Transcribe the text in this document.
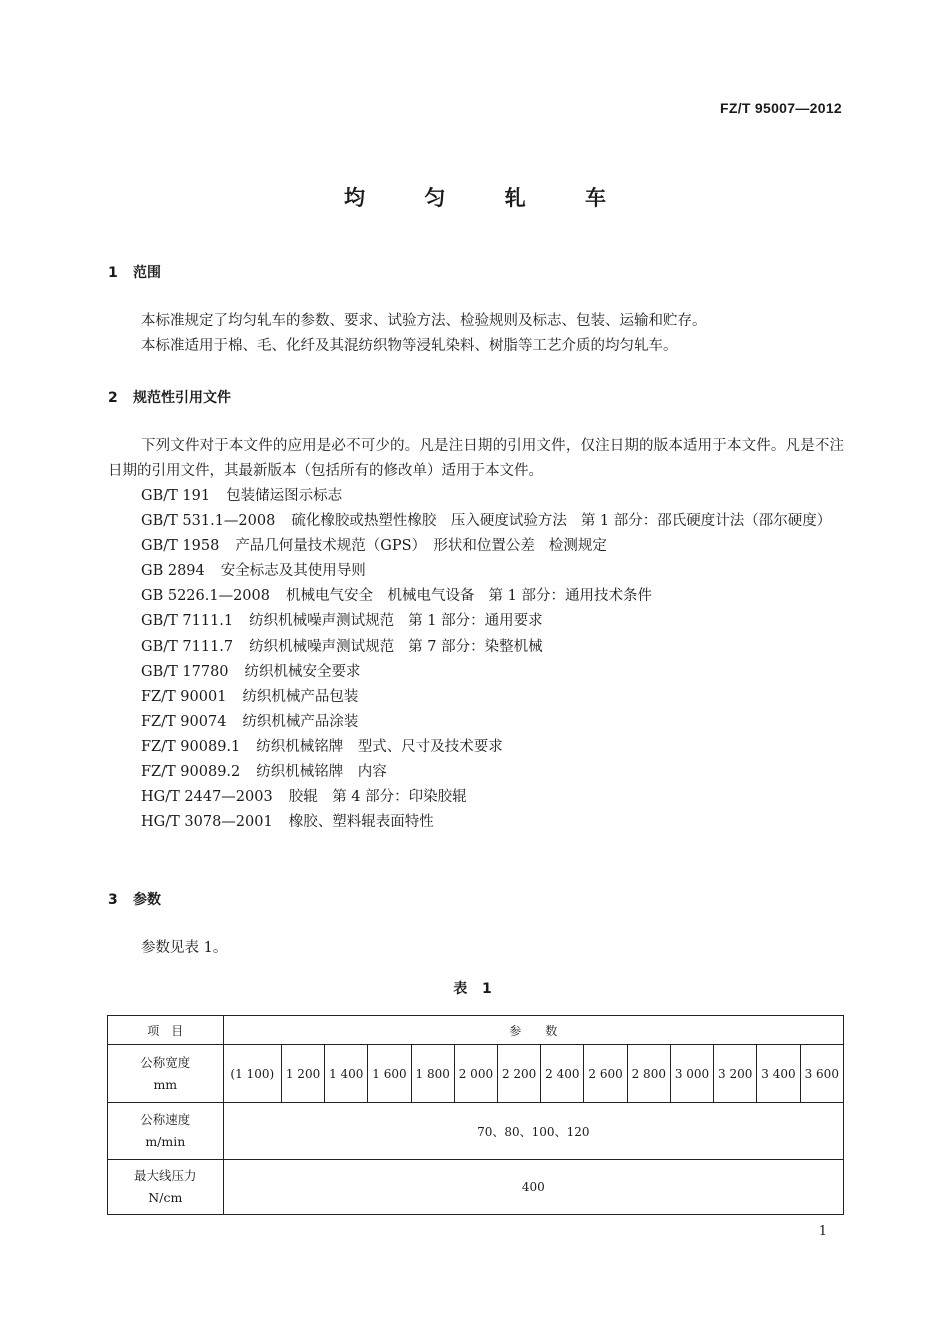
FZ/T 95007—2012
均 匀 轧 车
1 范围
本标准规定了均匀轧车的参数、要求、试验方法、检验规则及标志、包装、运输和贮存。
本标准适用于棉、毛、化纤及其混纺织物等浸轧染料、树脂等工艺介质的均匀轧车。
2 规范性引用文件
下列文件对于本文件的应用是必不可少的。凡是注日期的引用文件，仅注日期的版本适用于本文件。凡是不注日期的引用文件，其最新版本（包括所有的修改单）适用于本文件。
GB/T 191 包装储运图示标志
GB/T 531.1—2008 硫化橡胶或热塑性橡胶　压入硬度试验方法 第 1 部分：邵氏硬度计法（邵尔硬度）
GB/T 1958 产品几何量技术规范（GPS）　形状和位置公差 检测规定
GB 2894 安全标志及其使用导则
GB 5226.1—2008 机械电气安全　机械电气设备 第 1 部分：通用技术条件
GB/T 7111.1 纺织机械噪声测试规范 第 1 部分：通用要求
GB/T 7111.7 纺织机械噪声测试规范 第 7 部分：染整机械
GB/T 17780 纺织机械安全要求
FZ/T 90001 纺织机械产品包装
FZ/T 90074 纺织机械产品涂装
FZ/T 90089.1 纺织机械铭牌　型式、尺寸及技术要求
FZ/T 90089.2 纺织机械铭牌　内容
HG/T 2447—2003 胶辊　第 4 部分：印染胶辊
HG/T 3078—2001 橡胶、塑料辊表面特性
3 参数
参数见表 1。
表 1
项　目	参　　数													

公称宽度
mm	(1 100)	1 200	1 400	1 600	1 800	2 000	2 200	2 400	2 600	2 800	3 000	3 200	3 400	3 600

公称速度
m/min	70、80、100、120													

最大线压力
N/cm	400													
1
